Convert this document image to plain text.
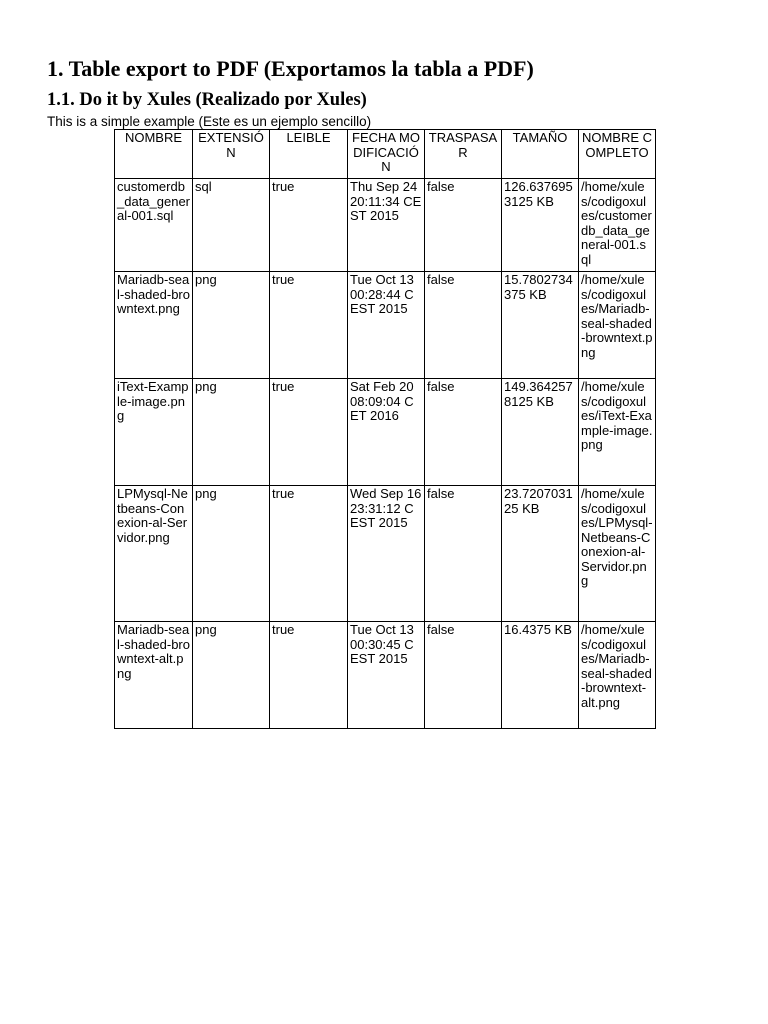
1. Table export to PDF (Exportamos la tabla a PDF)
1.1. Do it by Xules (Realizado por Xules)

This is a simple example (Este es un ejemplo sencillo)

NOMBRE	EXTENSIÓN	LEIBLE	FECHA MODIFICACIÓN	TRASPASAR	TAMAÑO	NOMBRE COMPLETO
customerdb_data_general-001.sql	sql	true	Thu Sep 24 20:11:34 CEST 2015	false	126.6376953125 KB	/home/xules/codigoxules/customerdb_data_general-001.sql
Mariadb-seal-shaded-browntext.png	png	true	Tue Oct 13 00:28:44 CEST 2015	false	15.7802734375 KB	/home/xules/codigoxules/Mariadb-seal-shaded-browntext.png
iText-Example-image.png	png	true	Sat Feb 20 08:09:04 CET 2016	false	149.3642578125 KB	/home/xules/codigoxules/iText-Example-image.png
LPMysql-Netbeans-Conexion-al-Servidor.png	png	true	Wed Sep 16 23:31:12 CEST 2015	false	23.720703125 KB	/home/xules/codigoxules/LPMysql-Netbeans-Conexion-al-Servidor.png
Mariadb-seal-shaded-browntext-alt.png	png	true	Tue Oct 13 00:30:45 CEST 2015	false	16.4375 KB	/home/xules/codigoxules/Mariadb-seal-shaded-browntext-alt.png
